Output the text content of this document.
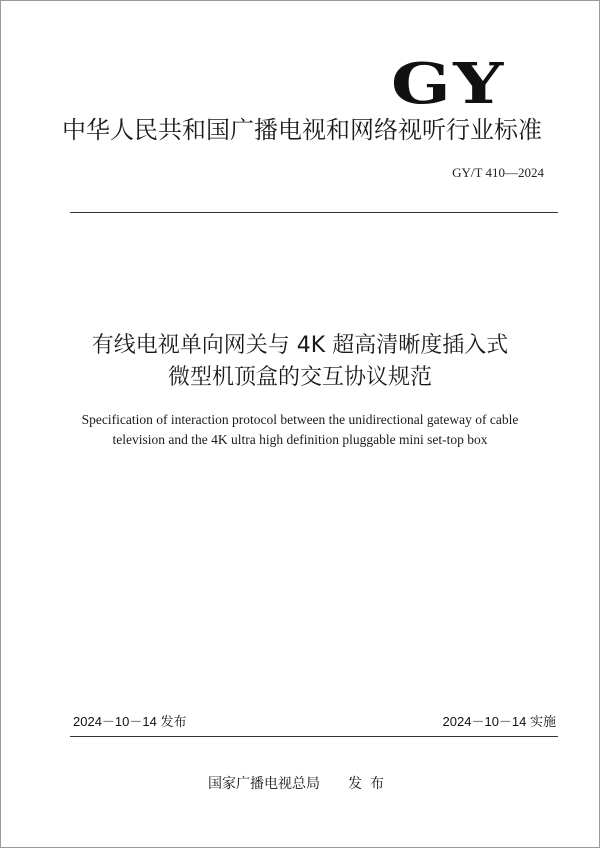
GY
中华人民共和国广播电视和网络视听行业标准
GY/T 410—2024
有线电视单向网关与 4K 超高清晰度插入式
微型机顶盒的交互协议规范
Specification of interaction protocol between the unidirectional gateway of cable
television and the 4K ultra high definition pluggable mini set-top box
2024－10－14 发布	2024－10－14 实施
国家广播电视总局 发布
